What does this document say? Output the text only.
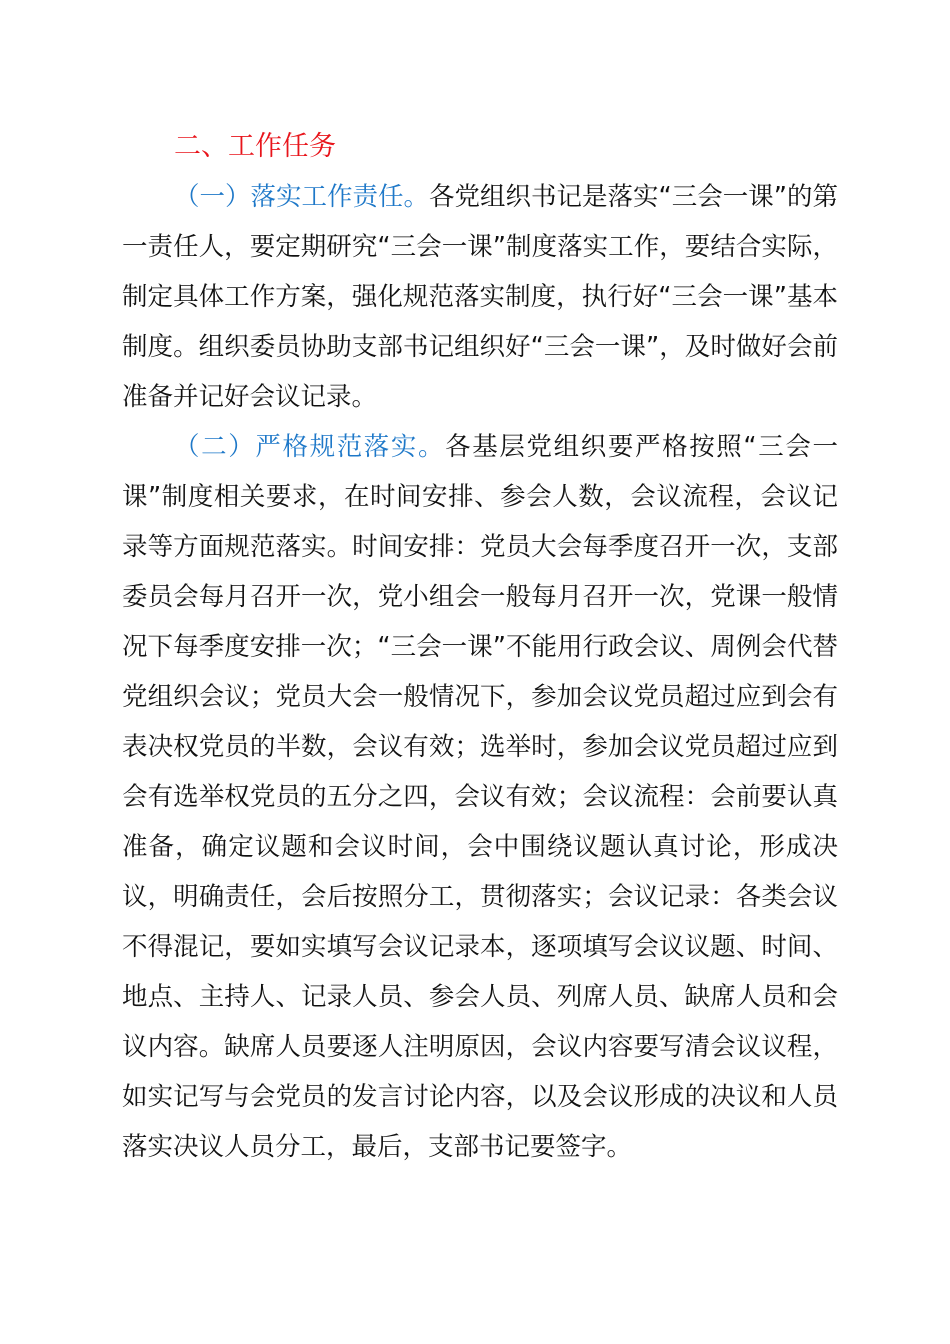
二、工作任务

（一）落实工作责任。各党组织书记是落实“三会一课”的第一责任人，要定期研究“三会一课”制度落实工作，要结合实际，制定具体工作方案，强化规范落实制度，执行好“三会一课”基本制度。组织委员协助支部书记组织好“三会一课”，及时做好会前准备并记好会议记录。

（二）严格规范落实。各基层党组织要严格按照“三会一课”制度相关要求，在时间安排、参会人数，会议流程，会议记录等方面规范落实。时间安排：党员大会每季度召开一次，支部委员会每月召开一次，党小组会一般每月召开一次，党课一般情况下每季度安排一次；“三会一课”不能用行政会议、周例会代替党组织会议；党员大会一般情况下，参加会议党员超过应到会有表决权党员的半数，会议有效；选举时，参加会议党员超过应到会有选举权党员的五分之四，会议有效；会议流程：会前要认真准备，确定议题和会议时间，会中围绕议题认真讨论，形成决议，明确责任，会后按照分工，贯彻落实；会议记录：各类会议不得混记，要如实填写会议记录本，逐项填写会议议题、时间、地点、主持人、记录人员、参会人员、列席人员、缺席人员和会议内容。缺席人员要逐人注明原因，会议内容要写清会议议程，如实记写与会党员的发言讨论内容，以及会议形成的决议和人员落实决议人员分工，最后，支部书记要签字。
